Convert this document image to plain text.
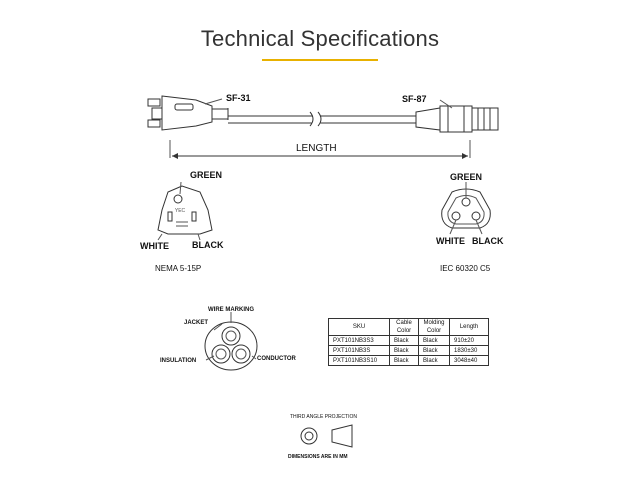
Technical Specifications
SF-31	SF-87
LENGTH
YEC
GREEN
WHITE	BLACK
NEMA 5-15P
GREEN
WHITE BLACK
IEC 60320 C5
WIRE MARKING
JACKET
INSULATION	CONDUCTOR
THIRD ANGLE PROJECTION
DIMENSIONS ARE IN MM
SKU	Cable Color	Molding Color	Length
PXT101NB3S3	Black	Black	910±20
PXT101NB3S	Black	Black	1830±30
PXT101NB3S10	Black	Black	3048±40
